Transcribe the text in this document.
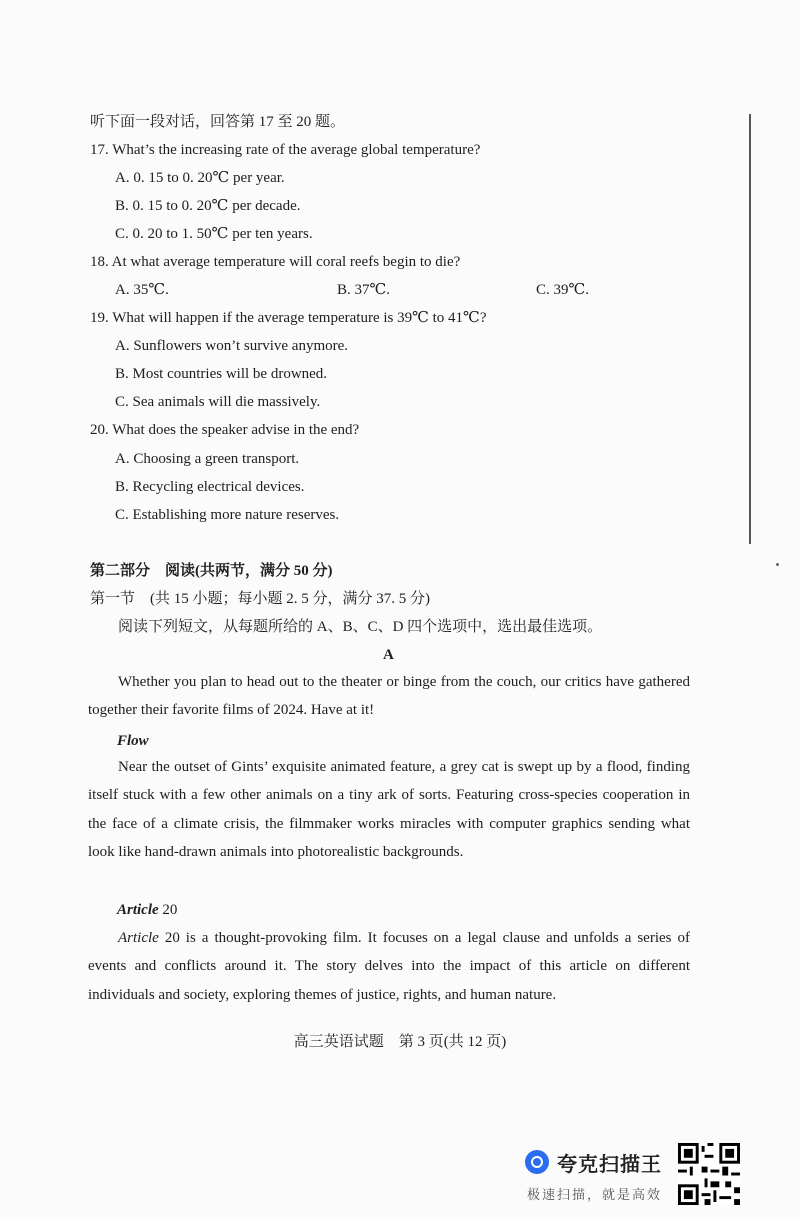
听下面一段对话，回答第 17 至 20 题。
17. What’s the increasing rate of the average global temperature?
A. 0. 15 to 0. 20℃ per year.
B. 0. 15 to 0. 20℃ per decade.
C. 0. 20 to 1. 50℃ per ten years.
18. At what average temperature will coral reefs begin to die?
A. 35℃.	B. 37℃.	C. 39℃.
19. What will happen if the average temperature is 39℃ to 41℃?
A. Sunflowers won’t survive anymore.
B. Most countries will be drowned.
C. Sea animals will die massively.
20. What does the speaker advise in the end?
A. Choosing a green transport.
B. Recycling electrical devices.
C. Establishing more nature reserves.
第二部分　阅读(共两节，满分 50 分)
第一节　(共 15 小题；每小题 2. 5 分，满分 37. 5 分)
阅读下列短文，从每题所给的 A、B、C、D 四个选项中，选出最佳选项。
A
Whether you plan to head out to the theater or binge from the couch, our critics have gathered together their favorite films of 2024. Have at it!
Flow
Near the outset of Gints’ exquisite animated feature, a grey cat is swept up by a flood, finding itself stuck with a few other animals on a tiny ark of sorts. Featuring cross-species cooperation in the face of a climate crisis, the filmmaker works miracles with computer graphics sending what look like hand-drawn animals into photorealistic backgrounds.
Article 20
Article 20 is a thought-provoking film. It focuses on a legal clause and unfolds a series of events and conflicts around it. The story delves into the impact of this article on different individuals and society, exploring themes of justice, rights, and human nature.
高三英语试题　第 3 页(共 12 页)
夸克扫描王
极速扫描，就是高效
